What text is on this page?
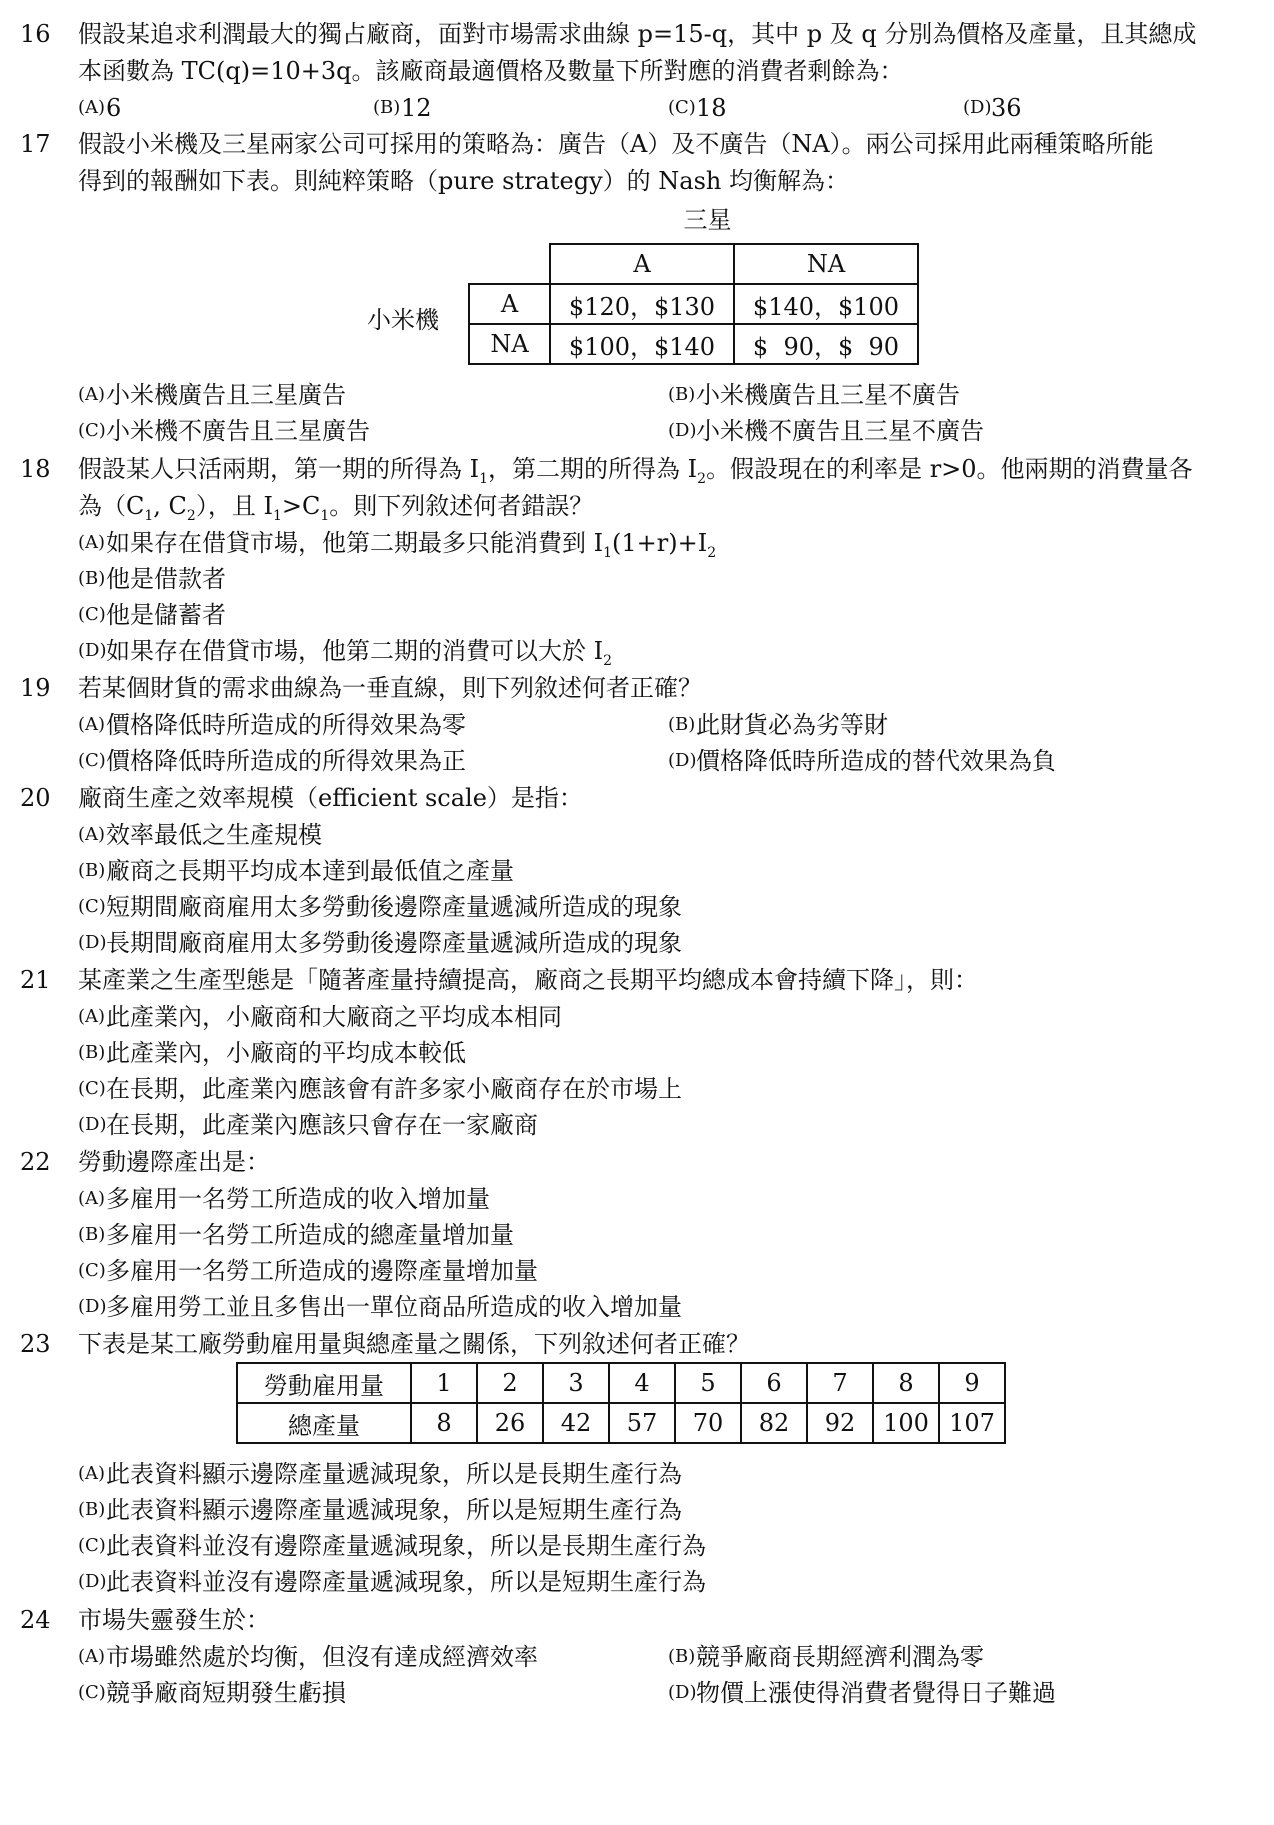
16	假設某追求利潤最大的獨占廠商，面對市場需求曲線 p=15-q，其中 p 及 q 分別為價格及產量，且其總成
本函數為 TC(q)=10+3q。該廠商最適價格及數量下所對應的消費者剩餘為：
(A) 6	(B) 12	(C) 18	(D) 36
17	假設小米機及三星兩家公司可採用的策略為：廣告（A）及不廣告（NA）。兩公司採用此兩種策略所能
得到的報酬如下表。則純粹策略（pure strategy）的 Nash 均衡解為：
三星
小米機
	A	NA
A	$120，$130	$140，$100
NA	$100，$140	$  90，$  90
(A) 小米機廣告且三星廣告	(B) 小米機廣告且三星不廣告
(C) 小米機不廣告且三星廣告	(D) 小米機不廣告且三星不廣告
18	假設某人只活兩期，第一期的所得為 $I_1$，第二期的所得為 $I_2$。假設現在的利率是 r>0。他兩期的消費量各
為（$C_1$, $C_2$），且 $I_1>C_1$。則下列敘述何者錯誤？
(A) 如果存在借貸市場，他第二期最多只能消費到 $I_1(1+r)+I_2$
(B) 他是借款者
(C) 他是儲蓄者
(D) 如果存在借貸市場，他第二期的消費可以大於 $I_2$
19	若某個財貨的需求曲線為一垂直線，則下列敘述何者正確？
(A) 價格降低時所造成的所得效果為零	(B) 此財貨必為劣等財
(C) 價格降低時所造成的所得效果為正	(D) 價格降低時所造成的替代效果為負
20	廠商生產之效率規模（efficient scale）是指：
(A) 效率最低之生產規模
(B) 廠商之長期平均成本達到最低值之產量
(C) 短期間廠商雇用太多勞動後邊際產量遞減所造成的現象
(D) 長期間廠商雇用太多勞動後邊際產量遞減所造成的現象
21	某產業之生產型態是「隨著產量持續提高，廠商之長期平均總成本會持續下降」，則：
(A) 此產業內，小廠商和大廠商之平均成本相同
(B) 此產業內，小廠商的平均成本較低
(C) 在長期，此產業內應該會有許多家小廠商存在於市場上
(D) 在長期，此產業內應該只會存在一家廠商
22	勞動邊際產出是：
(A) 多雇用一名勞工所造成的收入增加量
(B) 多雇用一名勞工所造成的總產量增加量
(C) 多雇用一名勞工所造成的邊際產量增加量
(D) 多雇用勞工並且多售出一單位商品所造成的收入增加量
23	下表是某工廠勞動雇用量與總產量之關係，下列敘述何者正確？
勞動雇用量	1	2	3	4	5	6	7	8	9
總產量	8	26	42	57	70	82	92	100	107
(A) 此表資料顯示邊際產量遞減現象，所以是長期生產行為
(B) 此表資料顯示邊際產量遞減現象，所以是短期生產行為
(C) 此表資料並沒有邊際產量遞減現象，所以是長期生產行為
(D) 此表資料並沒有邊際產量遞減現象，所以是短期生產行為
24	市場失靈發生於：
(A) 市場雖然處於均衡，但沒有達成經濟效率	(B) 競爭廠商長期經濟利潤為零
(C) 競爭廠商短期發生虧損	(D) 物價上漲使得消費者覺得日子難過
